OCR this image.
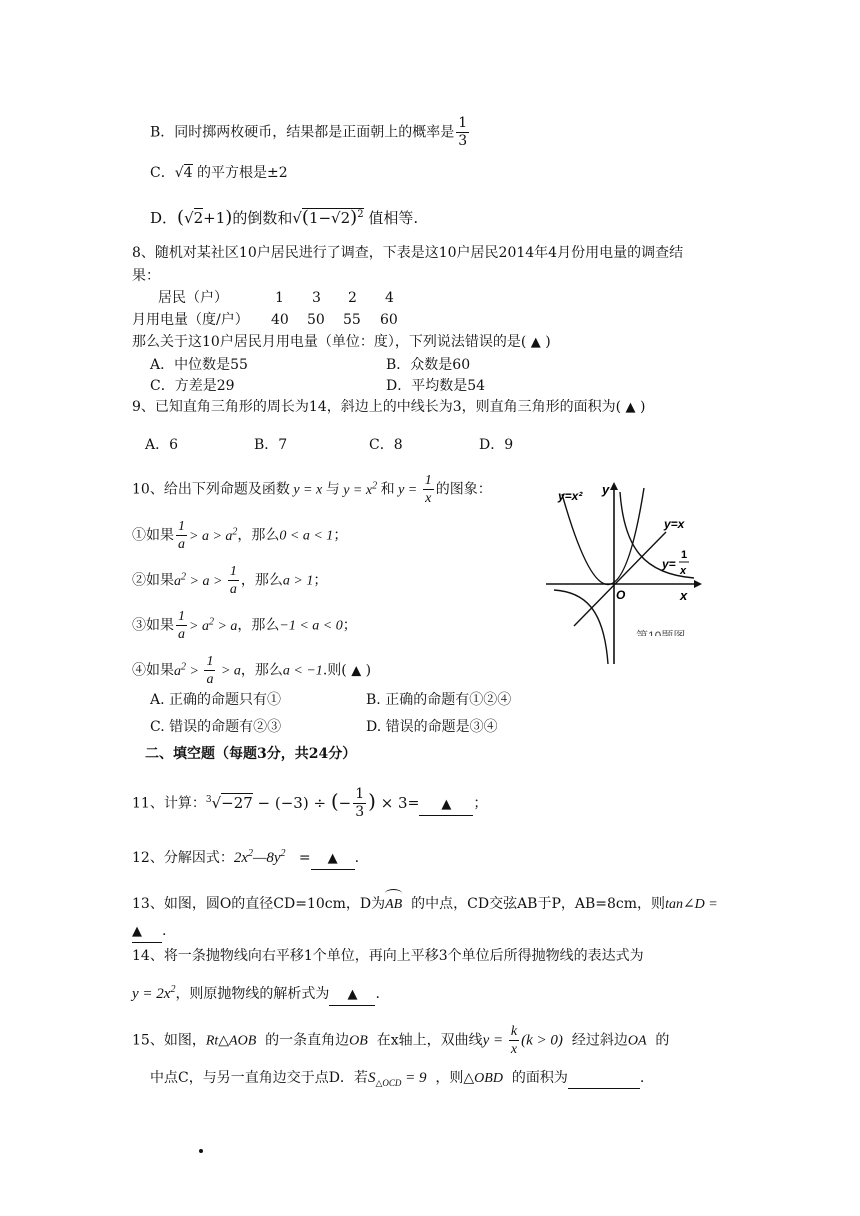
B．同时掷两枚硬币，结果都是正面朝上的概率是 $\frac{1}{3}$
C．√4 的平方根是±2
D．(√2+1)的倒数和$√(1-√2)^2$ 值相等.
8、随机对某社区10户居民进行了调查，下表是这10户居民2014年4月份用电量的调查结
果：
居民（户）	1 3 2 4
月用电量（度/户） 40 50 55 60
那么关于这10户居民月用电量（单位：度），下列说法错误的是( ▲ )
A．中位数是55	B．众数是60
C．方差是29	D．平均数是54
9、已知直角三角形的周长为14，斜边上的中线长为3，则直角三角形的面积为( ▲ )
A．6	B．7	C．8	D．9
10、给出下列命题及函数 y = x 与 $y = x^2$ 和 $y = \frac{1}{x}$ 的图象：
①如果 $\frac{1}{a} > a > a^2$，那么0 < a < 1；
②如果$a^2 > a > \frac{1}{a}$ ，那么a > 1；
③如果 $\frac{1}{a} > a^2 > a$，那么−1 < a < 0；
④如果$a^2 > \frac{1}{a} > a$，那么a < −1.则( ▲ )
A. 正确的命题只有①	B. 正确的命题有①②④
C. 错误的命题有②③	D. 错误的命题是③④
y=x² y
y=x
y=
1
x
O	x
二、填空题（每题3分，共24分）
11、计算：$^3$√−27 − (−3) ÷ (− $\frac{1}{3}$ ) × 3= ▲ ；
12、分解因式：$2x^2—8y^2$ = ▲ .
13、如图，圆O的直径CD=10cm，D为
AB 的中点，CD交弦AB于P，AB=8cm，则tan∠D =
▲ .
14、将一条抛物线向右平移1个单位，再向上平移3个单位后所得抛物线的表达式为
$y = 2x^2$，则原抛物线的解析式为 ▲ .
15、如图，Rt△AOB 的一条直角边OB 在x轴上，双曲线$y = \frac{k}{x} (k > 0)$ 经过斜边OA 的
中点C，与另一直角边交于点D．若$S_{\triangle OCD} = 9$ ，则△OBD 的面积为	.
